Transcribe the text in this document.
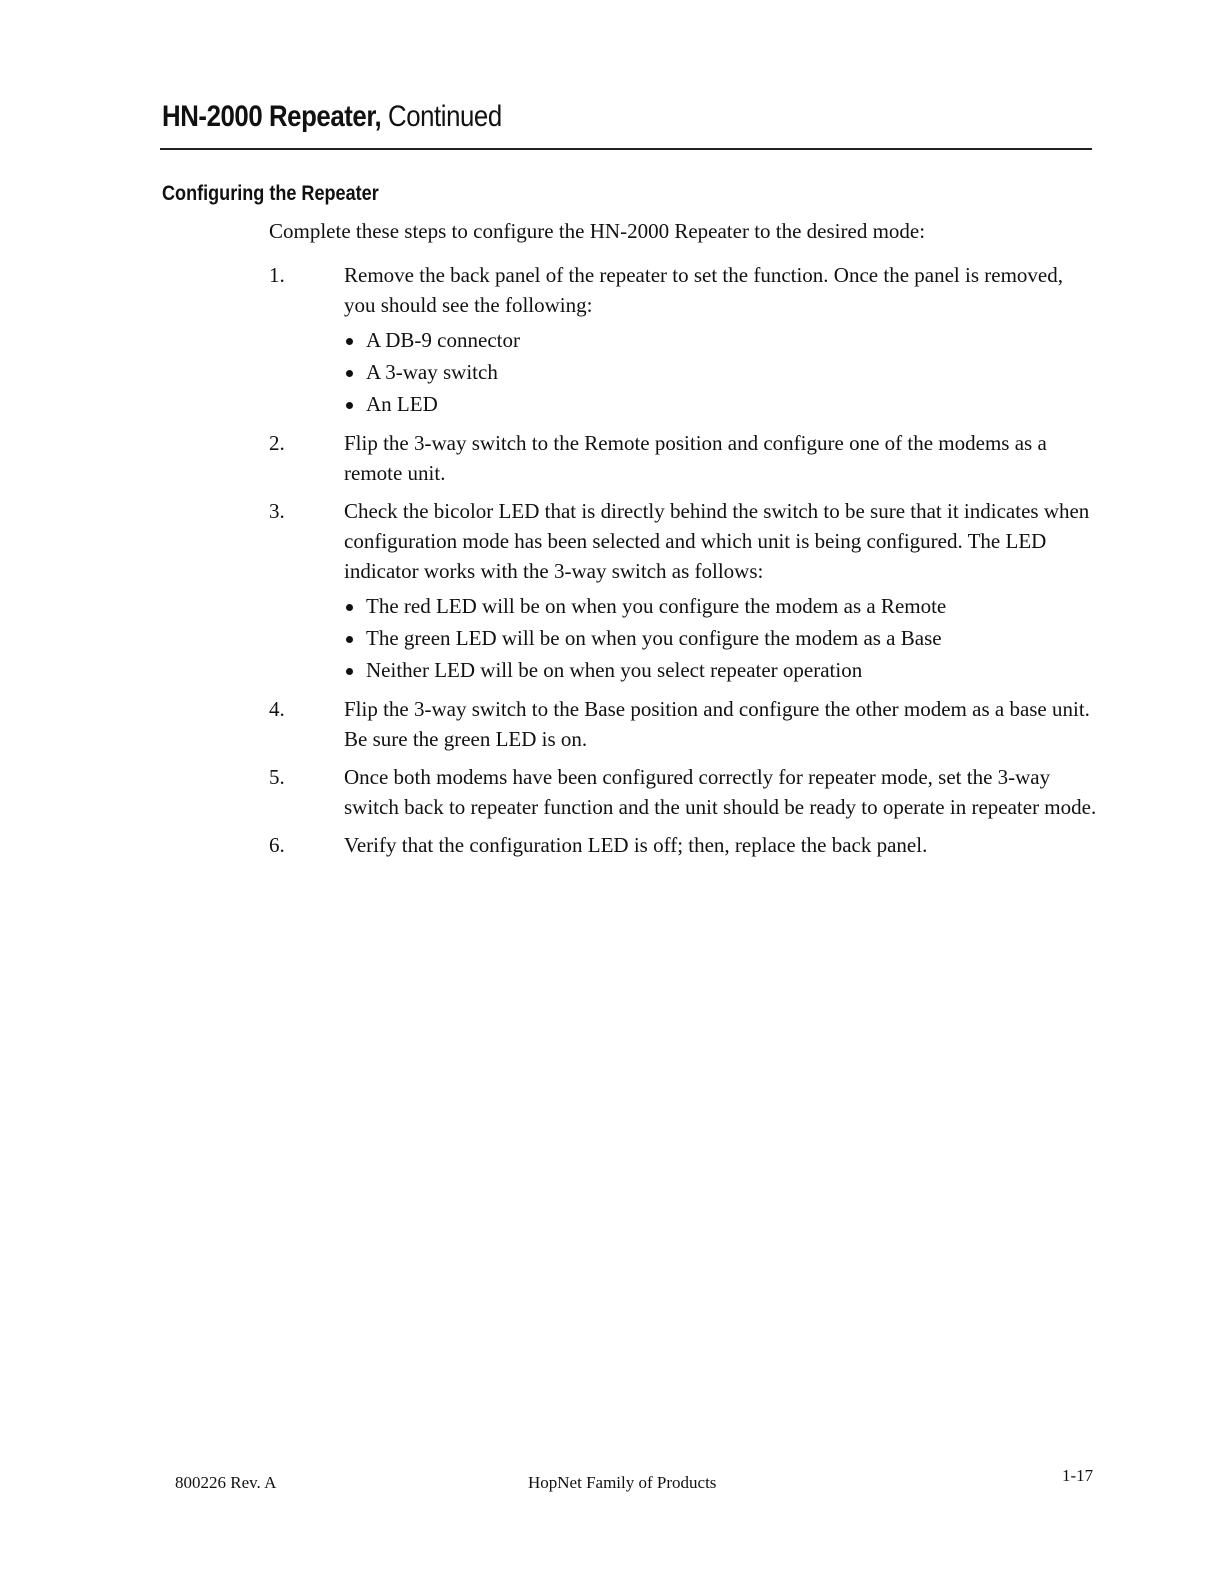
HN-2000 Repeater, Continued
Configuring the Repeater

Complete these steps to configure the HN-2000 Repeater to the desired mode:

1.	Remove the back panel of the repeater to set the function. Once the panel is removed, you should see the following:
A DB-9 connector
A 3-way switch
An LED
2.	Flip the 3-way switch to the Remote position and configure one of the modems as a remote unit.
3.	Check the bicolor LED that is directly behind the switch to be sure that it indicates when configuration mode has been selected and which unit is being configured. The LED indicator works with the 3-way switch as follows:
The red LED will be on when you configure the modem as a Remote
The green LED will be on when you configure the modem as a Base
Neither LED will be on when you select repeater operation
4.	Flip the 3-way switch to the Base position and configure the other modem as a base unit. Be sure the green LED is on.
5.	Once both modems have been configured correctly for repeater mode, set the 3-way switch back to repeater function and the unit should be ready to operate in repeater mode.
6.	Verify that the configuration LED is off; then, replace the back panel.

800226 Rev. A	HopNet Family of Products	1-17
